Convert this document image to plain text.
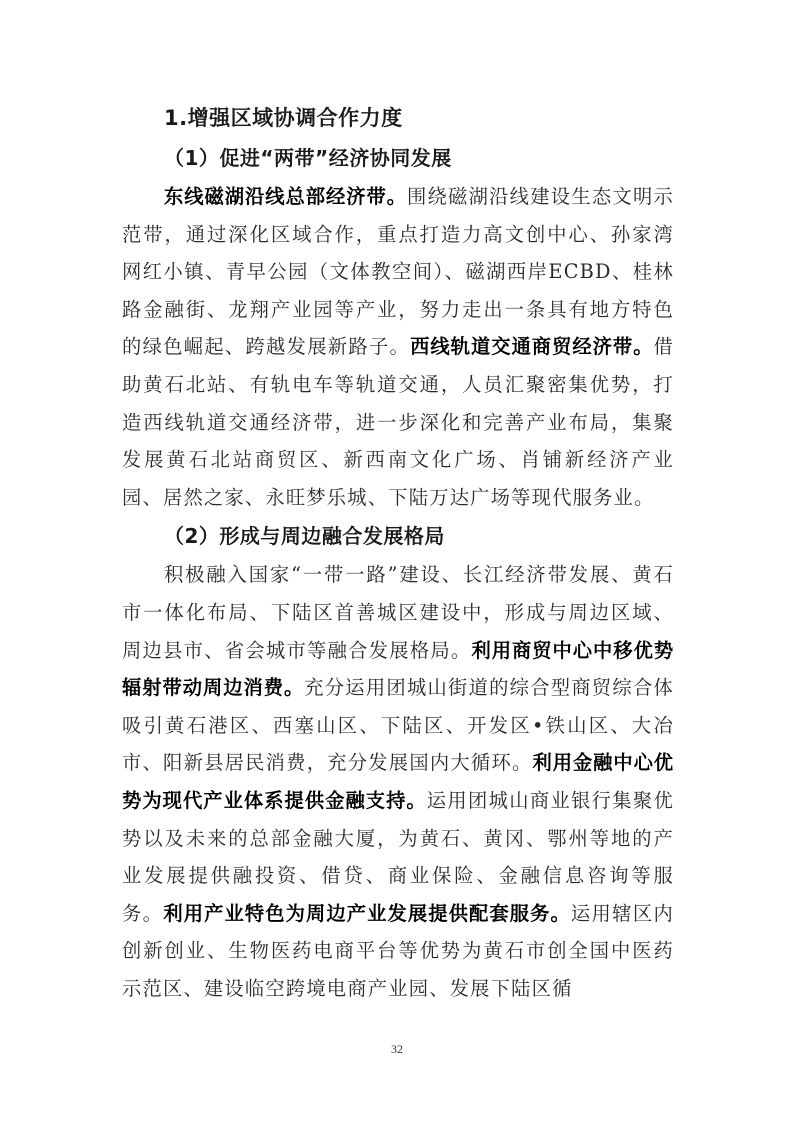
1.增强区域协调合作力度
（1）促进“两带”经济协同发展

东线磁湖沿线总部经济带。围绕磁湖沿线建设生态文明示范带，通过深化区域合作，重点打造力高文创中心、孙家湾网红小镇、青早公园（文体教空间）、磁湖西岸ECBD、桂林路金融街、龙翔产业园等产业，努力走出一条具有地方特色的绿色崛起、跨越发展新路子。西线轨道交通商贸经济带。借助黄石北站、有轨电车等轨道交通，人员汇聚密集优势，打造西线轨道交通经济带，进一步深化和完善产业布局，集聚发展黄石北站商贸区、新西南文化广场、肖铺新经济产业园、居然之家、永旺梦乐城、下陆万达广场等现代服务业。

（2）形成与周边融合发展格局

积极融入国家“一带一路”建设、长江经济带发展、黄石市一体化布局、下陆区首善城区建设中，形成与周边区域、周边县市、省会城市等融合发展格局。利用商贸中心中移优势辐射带动周边消费。充分运用团城山街道的综合型商贸综合体吸引黄石港区、西塞山区、下陆区、开发区•铁山区、大冶市、阳新县居民消费，充分发展国内大循环。利用金融中心优势为现代产业体系提供金融支持。运用团城山商业银行集聚优势以及未来的总部金融大厦，为黄石、黄冈、鄂州等地的产业发展提供融投资、借贷、商业保险、金融信息咨询等服务。利用产业特色为周边产业发展提供配套服务。运用辖区内创新创业、生物医药电商平台等优势为黄石市创全国中医药示范区、建设临空跨境电商产业园、发展下陆区循

32
